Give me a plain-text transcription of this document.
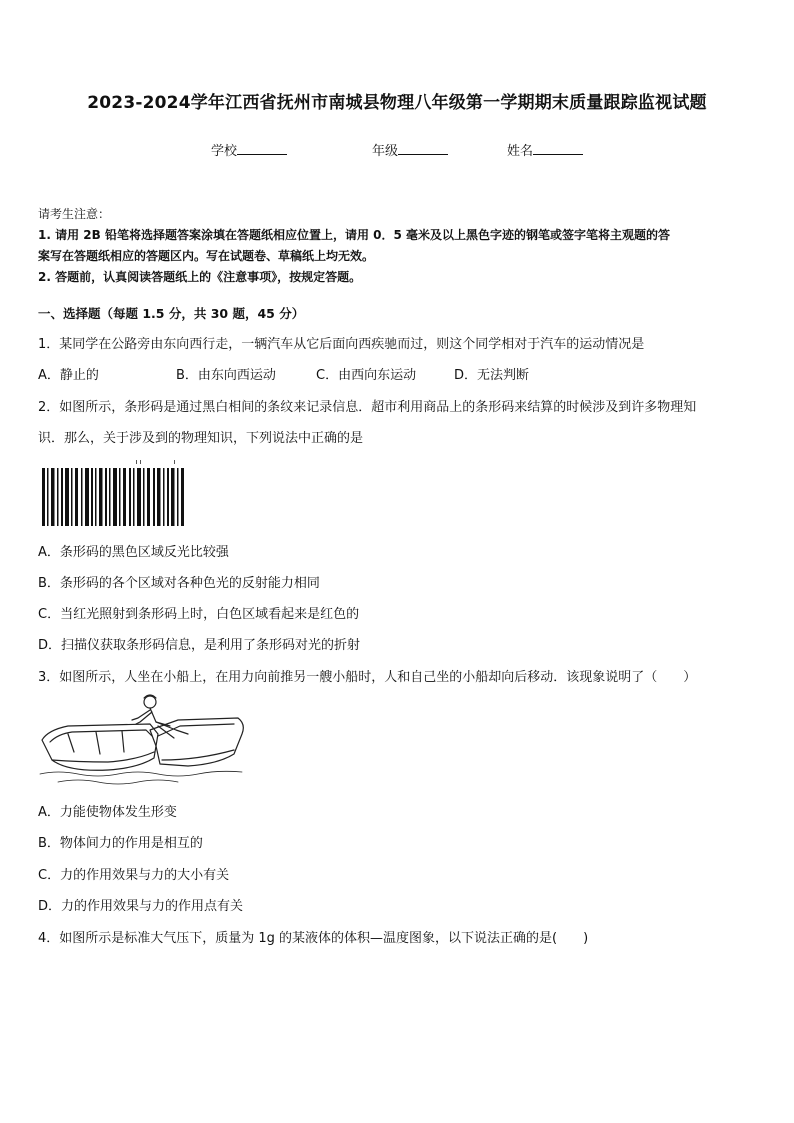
2023-2024学年江西省抚州市南城县物理八年级第一学期期末质量跟踪监视试题
学校	年级	姓名
请考生注意：
1. 请用 2B 铅笔将选择题答案涂填在答题纸相应位置上，请用 0．5 毫米及以上黑色字迹的钢笔或签字笔将主观题的答
案写在答题纸相应的答题区内。写在试题卷、草稿纸上均无效。
2. 答题前，认真阅读答题纸上的《注意事项》，按规定答题。
一、选择题（每题 1.5 分，共 30 题，45 分）
1．某同学在公路旁由东向西行走，一辆汽车从它后面向西疾驰而过，则这个同学相对于汽车的运动情况是
A．静止的	B．由东向西运动	C．由西向东运动	D．无法判断
2．如图所示，条形码是通过黑白相间的条纹来记录信息．超市利用商品上的条形码来结算的时候涉及到许多物理知
识．那么，关于涉及到的物理知识，下列说法中正确的是
A．条形码的黑色区域反光比较强
B．条形码的各个区域对各种色光的反射能力相同
C．当红光照射到条形码上时，白色区域看起来是红色的
D．扫描仪获取条形码信息，是利用了条形码对光的折射
3．如图所示，人坐在小船上，在用力向前推另一艘小船时，人和自己坐的小船却向后移动．该现象说明了（　　）
A．力能使物体发生形变
B．物体间力的作用是相互的
C．力的作用效果与力的大小有关
D．力的作用效果与力的作用点有关
4．如图所示是标准大气压下，质量为 1g 的某液体的体积—温度图象，以下说法正确的是(　　)
